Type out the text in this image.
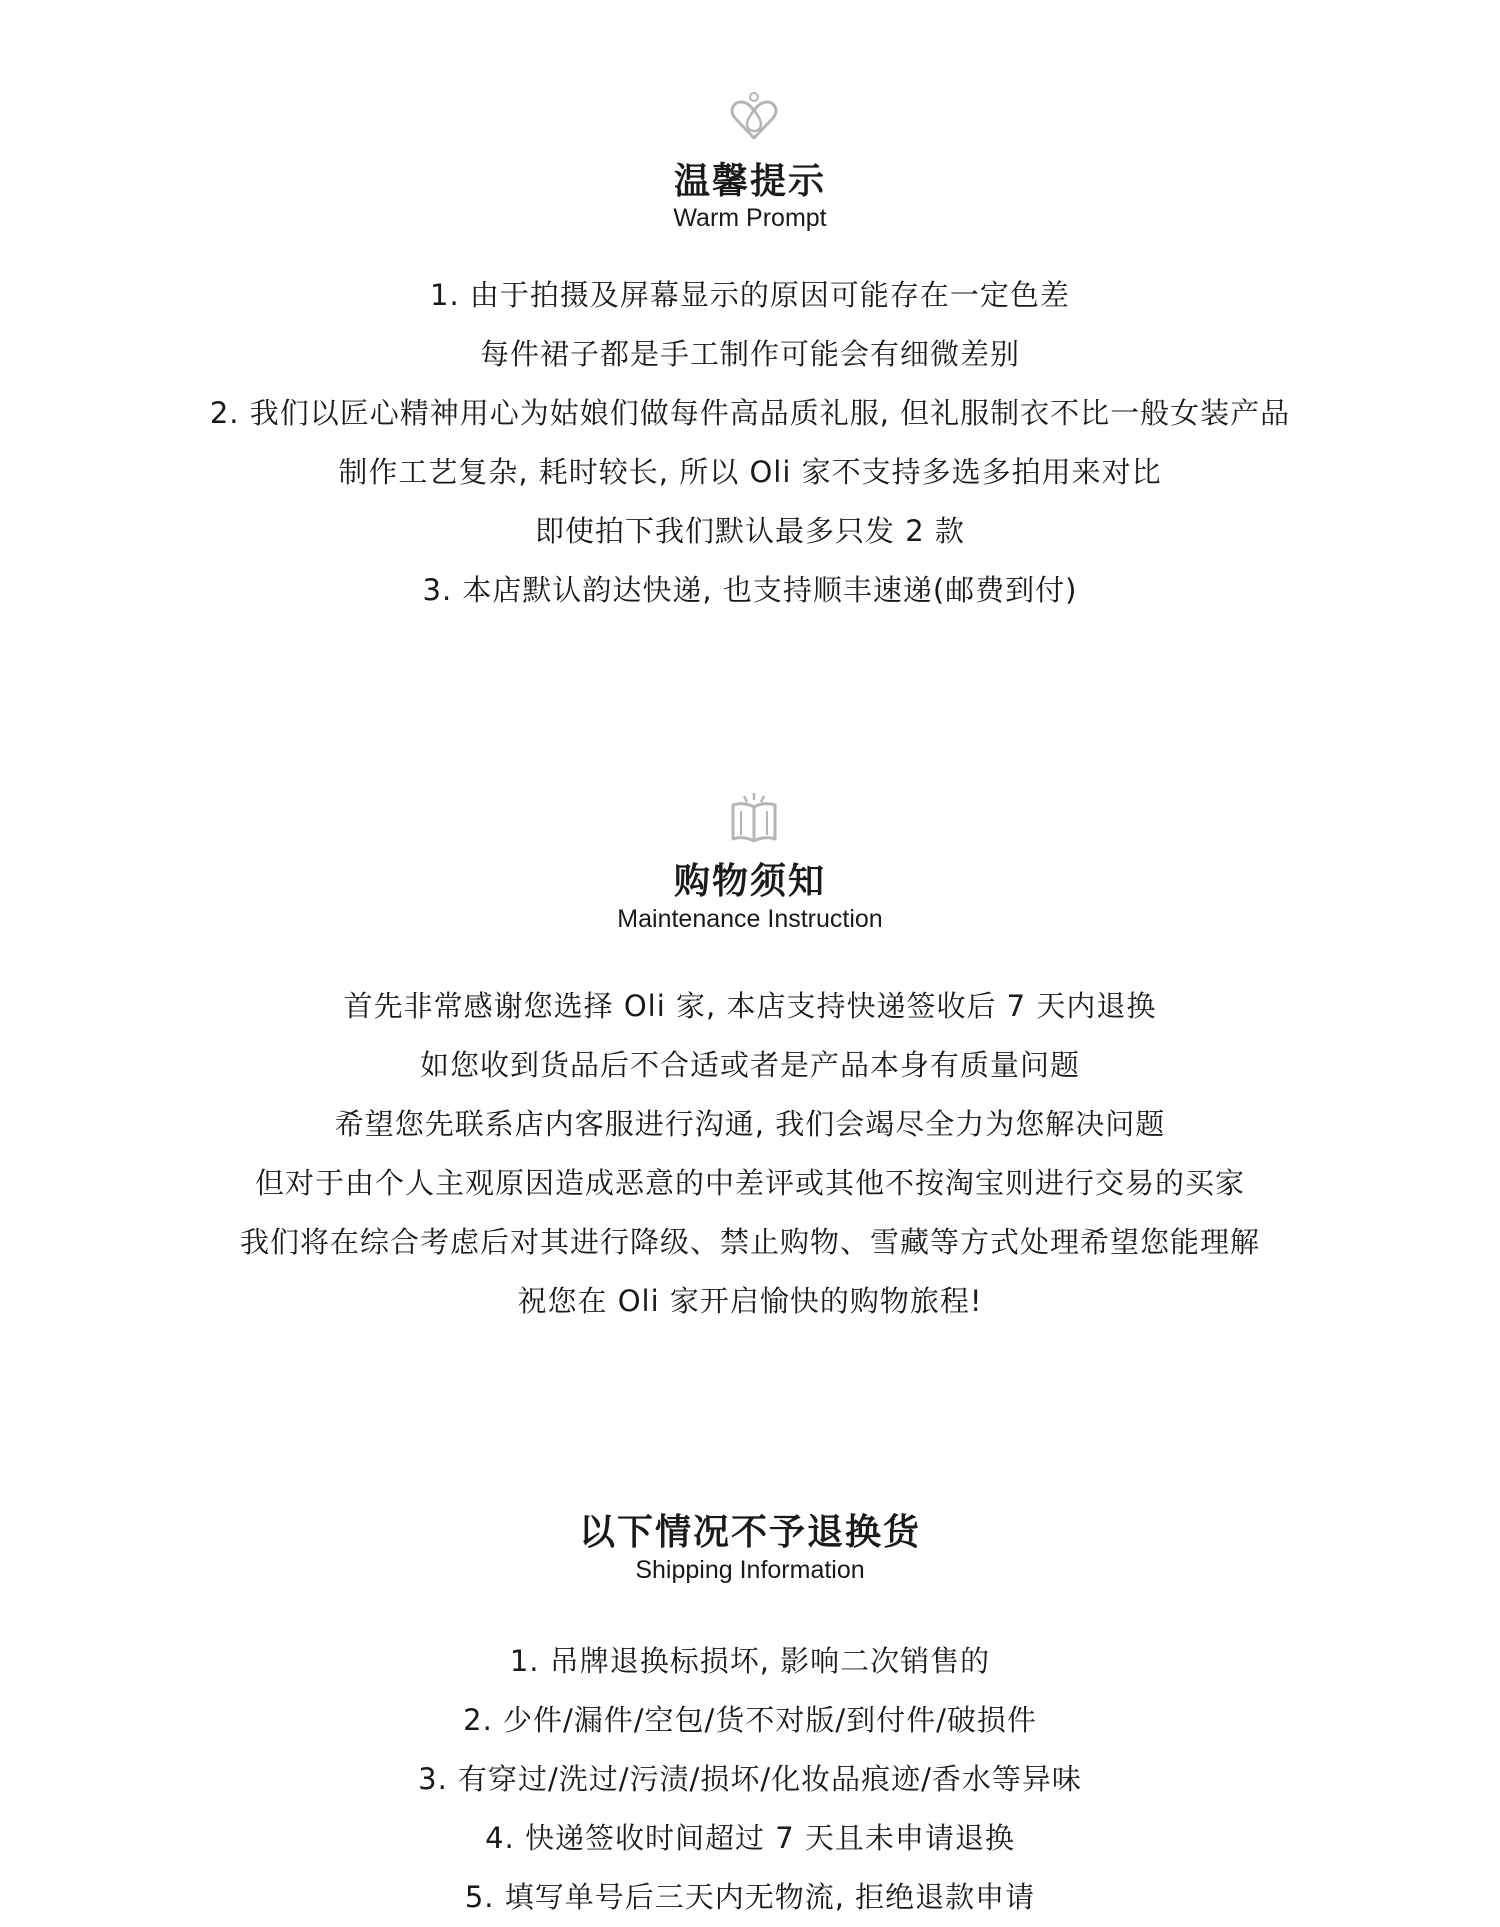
温馨提示
Warm Prompt
1. 由于拍摄及屏幕显示的原因可能存在一定色差
每件裙子都是手工制作可能会有细微差别
2. 我们以匠心精神用心为姑娘们做每件高品质礼服, 但礼服制衣不比一般女装产品
制作工艺复杂, 耗时较长, 所以 Oli 家不支持多选多拍用来对比
即使拍下我们默认最多只发 2 款
3. 本店默认韵达快递, 也支持顺丰速递(邮费到付)
购物须知
Maintenance Instruction
首先非常感谢您选择 Oli 家, 本店支持快递签收后 7 天内退换
如您收到货品后不合适或者是产品本身有质量问题
希望您先联系店内客服进行沟通, 我们会竭尽全力为您解决问题
但对于由个人主观原因造成恶意的中差评或其他不按淘宝则进行交易的买家
我们将在综合考虑后对其进行降级、禁止购物、雪藏等方式处理希望您能理解
祝您在 Oli 家开启愉快的购物旅程!
以下情况不予退换货
Shipping Information
1. 吊牌退换标损坏, 影响二次销售的
2. 少件/漏件/空包/货不对版/到付件/破损件
3. 有穿过/洗过/污渍/损坏/化妆品痕迹/香水等异味
4. 快递签收时间超过 7 天且未申请退换
5. 填写单号后三天内无物流, 拒绝退款申请
